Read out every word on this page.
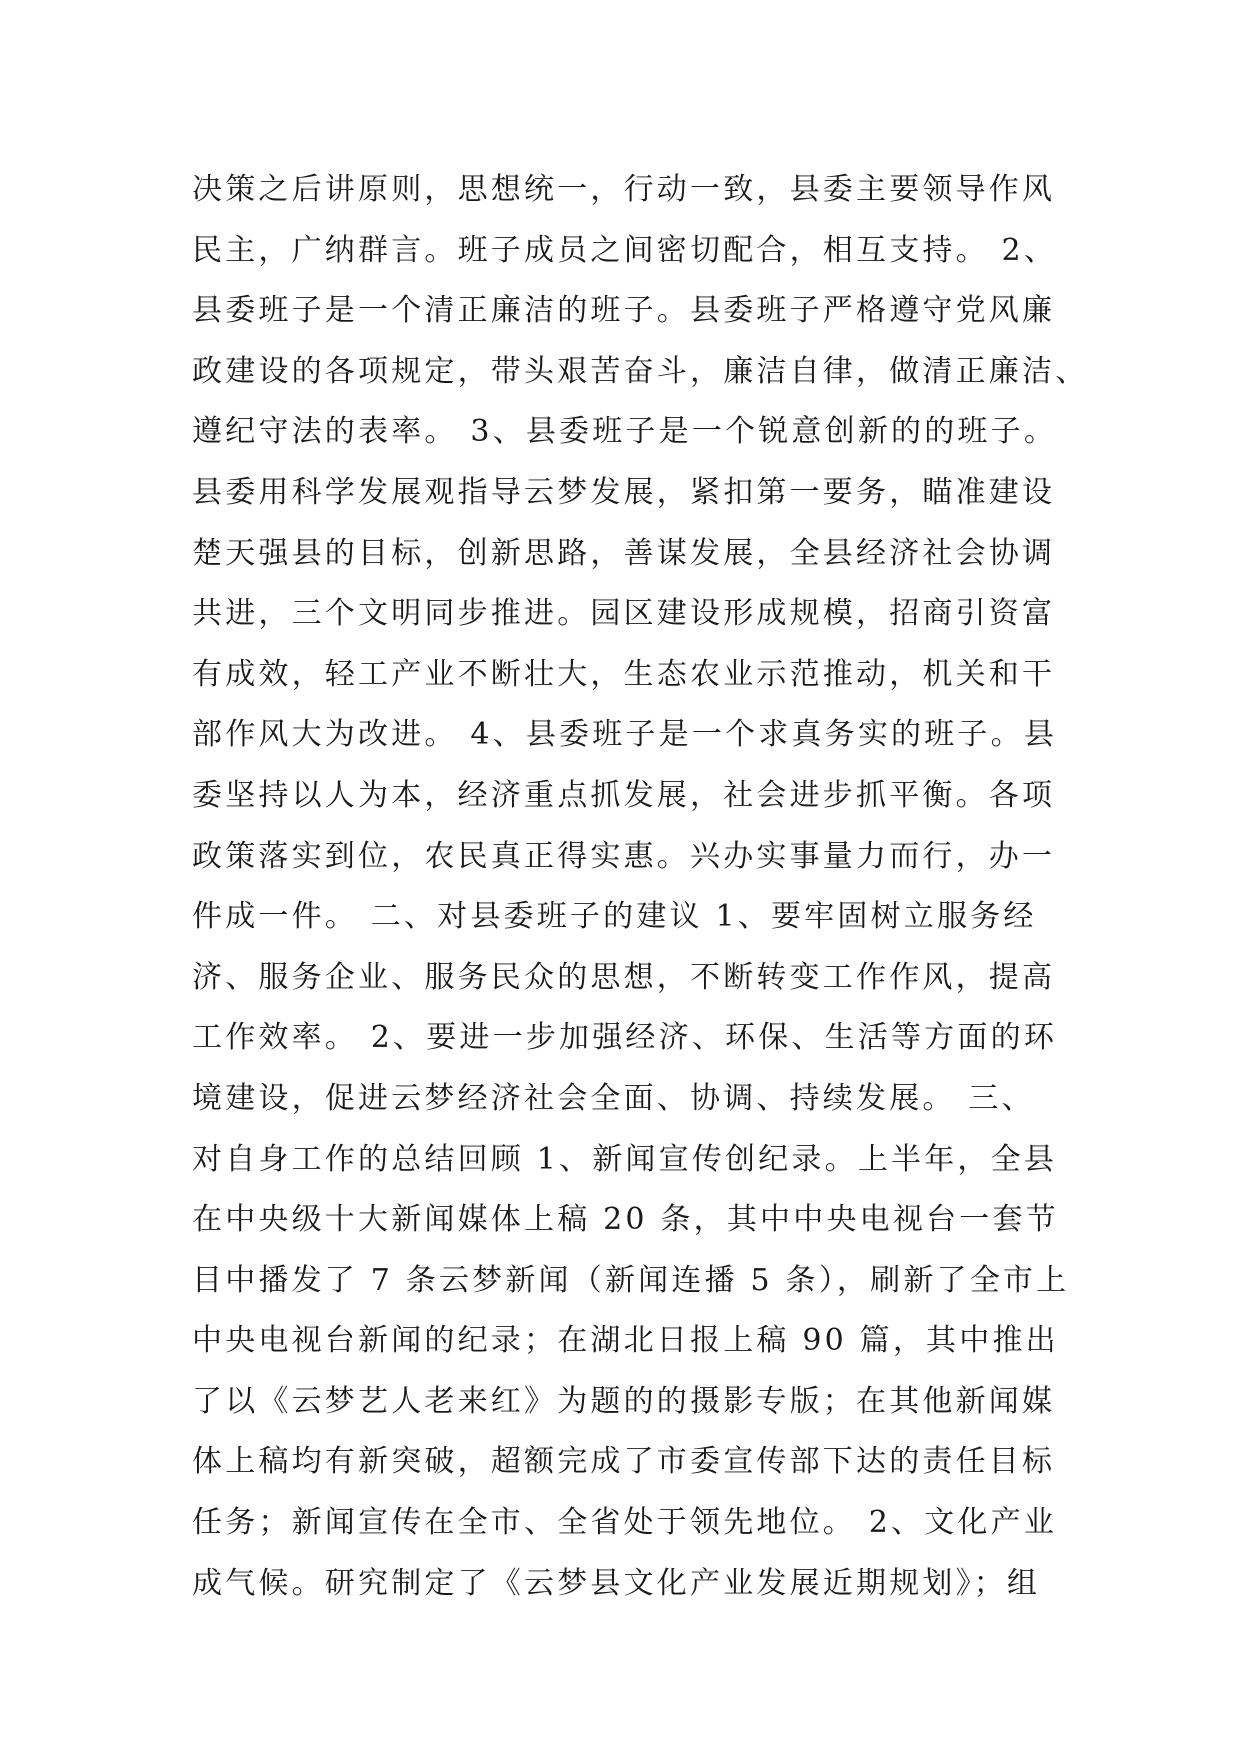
决策之后讲原则，思想统一，行动一致，县委主要领导作风
民主，广纳群言。班子成员之间密切配合，相互支持。 2、
县委班子是一个清正廉洁的班子。县委班子严格遵守党风廉
政建设的各项规定，带头艰苦奋斗，廉洁自律，做清正廉洁、
遵纪守法的表率。 3、县委班子是一个锐意创新的的班子。
县委用科学发展观指导云梦发展，紧扣第一要务，瞄准建设
楚天强县的目标，创新思路，善谋发展，全县经济社会协调
共进，三个文明同步推进。园区建设形成规模，招商引资富
有成效，轻工产业不断壮大，生态农业示范推动，机关和干
部作风大为改进。 4、县委班子是一个求真务实的班子。县
委坚持以人为本，经济重点抓发展，社会进步抓平衡。各项
政策落实到位，农民真正得实惠。兴办实事量力而行，办一
件成一件。 二、对县委班子的建议 1、要牢固树立服务经
济、服务企业、服务民众的思想，不断转变工作作风，提高
工作效率。 2、要进一步加强经济、环保、生活等方面的环
境建设，促进云梦经济社会全面、协调、持续发展。 三、
对自身工作的总结回顾 1、新闻宣传创纪录。上半年，全县
在中央级十大新闻媒体上稿 20 条，其中中央电视台一套节
目中播发了 7 条云梦新闻（新闻连播 5 条），刷新了全市上
中央电视台新闻的纪录；在湖北日报上稿 90 篇，其中推出
了以《云梦艺人老来红》为题的的摄影专版；在其他新闻媒
体上稿均有新突破，超额完成了市委宣传部下达的责任目标
任务；新闻宣传在全市、全省处于领先地位。 2、文化产业
成气候。研究制定了《云梦县文化产业发展近期规划》；组
